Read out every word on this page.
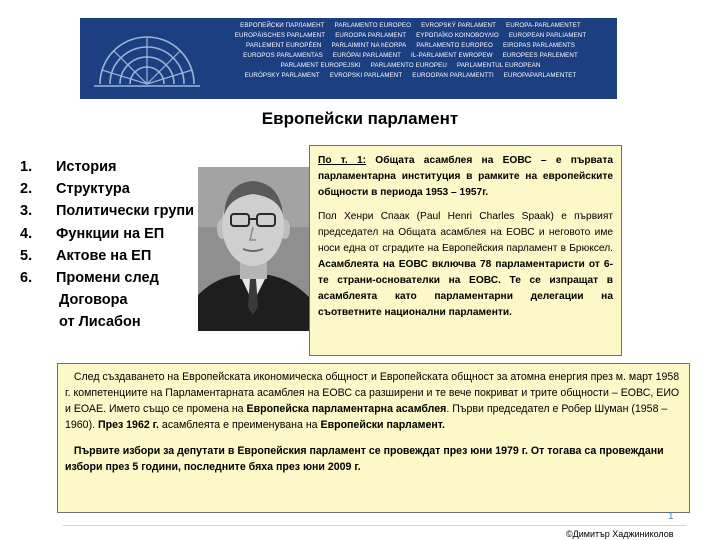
ЕВРОПЕЙСКИ ПАРЛАМЕНТ PARLAMENTO EUROPEO EVROPSKÝ PARLAMENT EUROPA-PARLAMENTET
EUROPÄISCHES PARLAMENT EUROOPA PARLAMENT ΕΥΡΩΠΑΪΚΟ ΚΟΙΝΟΒΟΥΛΙΟ EUROPEAN PARLIAMENT
PARLEMENT EUROPÉEN PARLAIMINT NA hEORPA PARLAMENTO EUROPEO EIROPAS PARLAMENTS
EUROPOS PARLAMENTAS EURÓPAI PARLAMENT IL-PARLAMENT EWROPEW EUROPEES PARLEMENT
PARLAMENT EUROPEJSKI PARLAMENTO EUROPEU PARLAMENTUL EUROPEAN
EURÓPSKY PARLAMENT EVROPSKI PARLAMENT EUROOPAN PARLAMENTTI EUROPAPARLAMENTET
Европейски парламент
1. История
2. Структура
3. Политически групи
4. Функции на ЕП
5. Актове на ЕП
6. Промени след
Договора
от Лисабон

По т. 1: Общата асамблея на ЕОВС – е първата парламентарна институция в рамките на европейските общности в периода 1953 – 1957г.

Пол Хенри Спаак (Paul Henri Charles Spaak) е първият председател на Общата асамблея на ЕОВС и неговото име носи една от сградите на Европейския парламент в Брюксел. Асамблеята на ЕОВС включва 78 парламентаристи от 6-те страни-основателки на ЕОВС. Те се изпращат в асамблеята като парламентарни делегации на съответните национални парламенти.

След създаването на Европейската икономическа общност и Европейската общност за атомна енергия през м. март 1958 г. компетенциите на Парламентарната асамблея на ЕОВС са разширени и те вече покриват и трите общности – ЕОВС, ЕИО и ЕОАЕ. Името също се промена на Европейска парламентарна асамблея. Първи председател е Робер Шуман (1958 – 1960). През 1962 г. асамблеята е преименувана на Европейски парламент.

Първите избори за депутати в Европейския парламент се провеждат през юни 1979 г. От тогава са провеждани избори през 5 години, последните бяха през юни 2009 г.

1
©Димитър Хаджиниколов
